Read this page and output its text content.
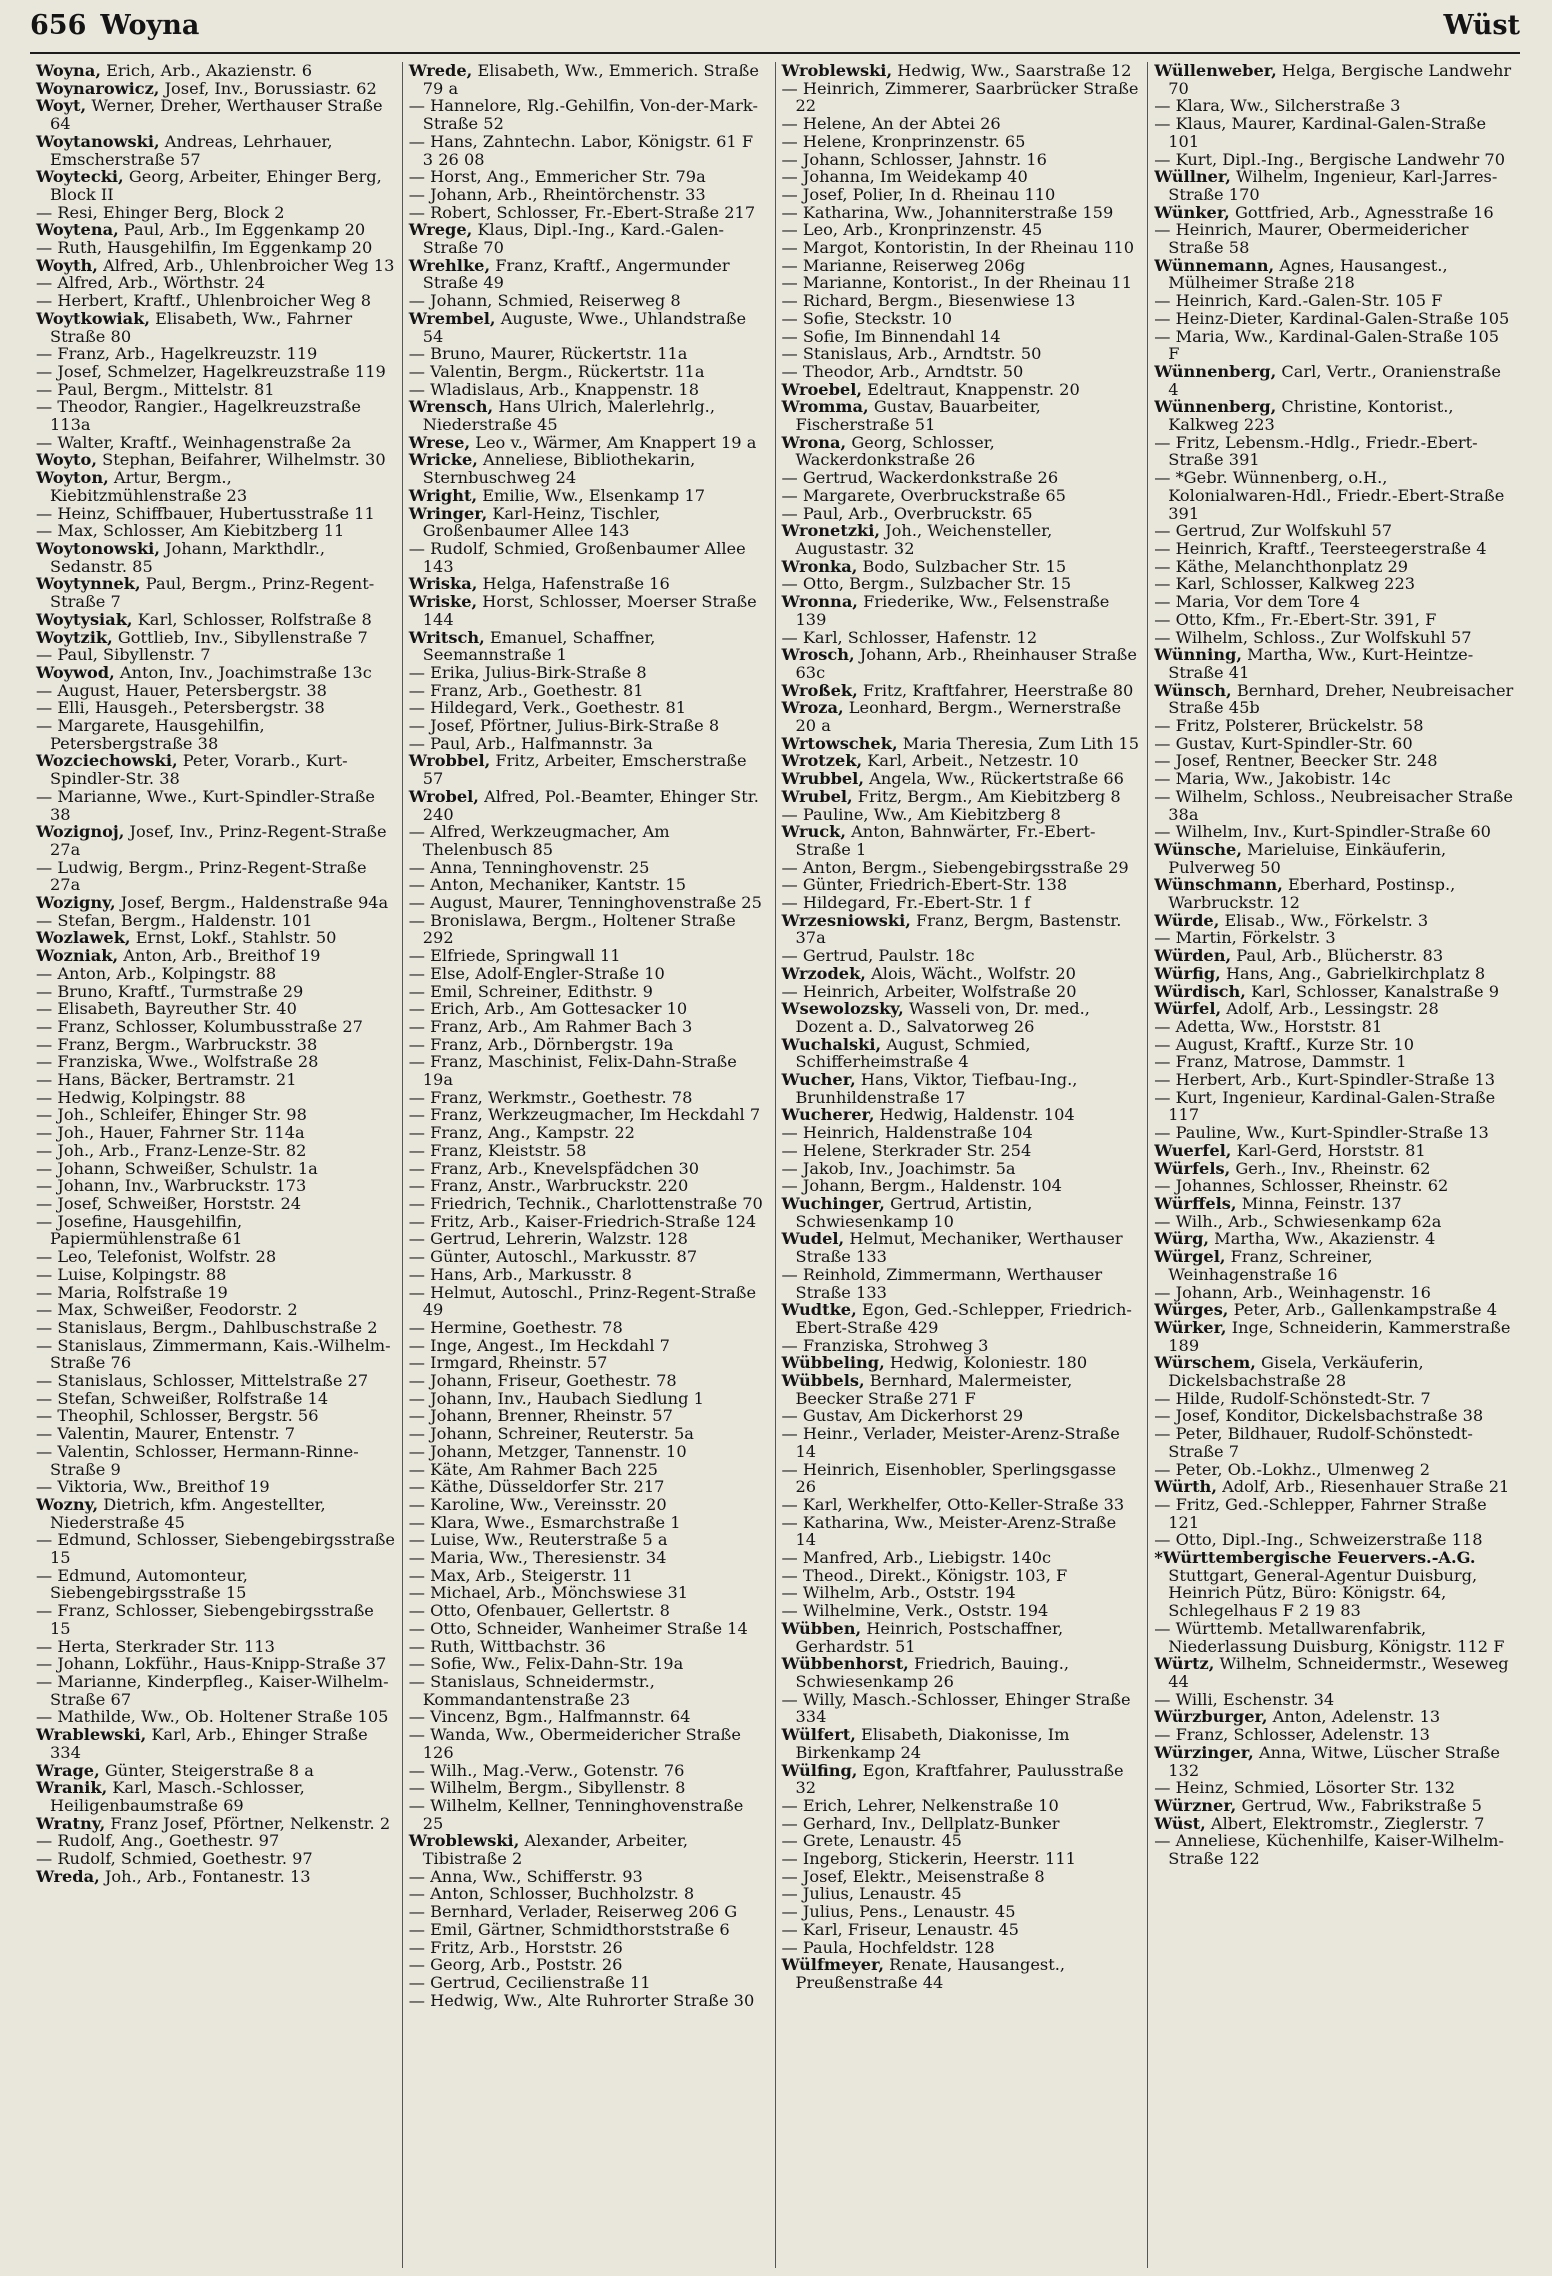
656 Woyna	Wüst

Woyna, Erich, Arb., Akazienstr. 6

Woynarowicz, Josef, Inv., Borussiastr. 62

Woyt, Werner, Dreher, Werthauser Straße 64

Woytanowski, Andreas, Lehrhauer, Emscherstraße 57

Woytecki, Georg, Arbeiter, Ehinger Berg, Block II

— Resi, Ehinger Berg, Block 2

Woytena, Paul, Arb., Im Eggenkamp 20

— Ruth, Hausgehilfin, Im Eggenkamp 20

Woyth, Alfred, Arb., Uhlenbroicher Weg 13

— Alfred, Arb., Wörthstr. 24

— Herbert, Kraftf., Uhlenbroicher Weg 8

Woytkowiak, Elisabeth, Ww., Fahrner Straße 80

— Franz, Arb., Hagelkreuzstr. 119

— Josef, Schmelzer, Hagelkreuzstraße 119

— Paul, Bergm., Mittelstr. 81

— Theodor, Rangier., Hagelkreuzstraße 113a

— Walter, Kraftf., Weinhagenstraße 2a

Woyto, Stephan, Beifahrer, Wilhelmstr. 30

Woyton, Artur, Bergm., Kiebitzmühlenstraße 23

— Heinz, Schiffbauer, Hubertusstraße 11

— Max, Schlosser, Am Kiebitzberg 11

Woytonowski, Johann, Markthdlr., Sedanstr. 85

Woytynnek, Paul, Bergm., Prinz-Regent-Straße 7

Woytysiak, Karl, Schlosser, Rolfstraße 8

Woytzik, Gottlieb, Inv., Sibyllenstraße 7

— Paul, Sibyllenstr. 7

Woywod, Anton, Inv., Joachimstraße 13c

— August, Hauer, Petersbergstr. 38

— Elli, Hausgeh., Petersbergstr. 38

— Margarete, Hausgehilfin, Petersbergstraße 38

Wozciechowski, Peter, Vorarb., Kurt-Spindler-Str. 38

— Marianne, Wwe., Kurt-Spindler-Straße 38

Wozignoj, Josef, Inv., Prinz-Regent-Straße 27a

— Ludwig, Bergm., Prinz-Regent-Straße 27a

Wozigny, Josef, Bergm., Haldenstraße 94a

— Stefan, Bergm., Haldenstr. 101

Wozlawek, Ernst, Lokf., Stahlstr. 50

Wozniak, Anton, Arb., Breithof 19

— Anton, Arb., Kolpingstr. 88

— Bruno, Kraftf., Turmstraße 29

— Elisabeth, Bayreuther Str. 40

— Franz, Schlosser, Kolumbusstraße 27

— Franz, Bergm., Warbruckstr. 38

— Franziska, Wwe., Wolfstraße 28

— Hans, Bäcker, Bertramstr. 21

— Hedwig, Kolpingstr. 88

— Joh., Schleifer, Ehinger Str. 98

— Joh., Hauer, Fahrner Str. 114a

— Joh., Arb., Franz-Lenze-Str. 82

— Johann, Schweißer, Schulstr. 1a

— Johann, Inv., Warbruckstr. 173

— Josef, Schweißer, Horststr. 24

— Josefine, Hausgehilfin, Papiermühlenstraße 61

— Leo, Telefonist, Wolfstr. 28

— Luise, Kolpingstr. 88

— Maria, Rolfstraße 19

— Max, Schweißer, Feodorstr. 2

— Stanislaus, Bergm., Dahlbuschstraße 2

— Stanislaus, Zimmermann, Kais.-Wilhelm-Straße 76

— Stanislaus, Schlosser, Mittelstraße 27

— Stefan, Schweißer, Rolfstraße 14

— Theophil, Schlosser, Bergstr. 56

— Valentin, Maurer, Entenstr. 7

— Valentin, Schlosser, Hermann-Rinne-Straße 9

— Viktoria, Ww., Breithof 19

Wozny, Dietrich, kfm. Angestellter, Niederstraße 45

— Edmund, Schlosser, Siebengebirgsstraße 15

— Edmund, Automonteur, Siebengebirgsstraße 15

— Franz, Schlosser, Siebengebirgsstraße 15

— Herta, Sterkrader Str. 113

— Johann, Lokführ., Haus-Knipp-Straße 37

— Marianne, Kinderpfleg., Kaiser-Wilhelm-Straße 67

— Mathilde, Ww., Ob. Holtener Straße 105

Wrablewski, Karl, Arb., Ehinger Straße 334

Wrage, Günter, Steigerstraße 8 a

Wranik, Karl, Masch.-Schlosser, Heiligenbaumstraße 69

Wratny, Franz Josef, Pförtner, Nelkenstr. 2

— Rudolf, Ang., Goethestr. 97

— Rudolf, Schmied, Goethestr. 97

Wreda, Joh., Arb., Fontanestr. 13

Wrede, Elisabeth, Ww., Emmerich. Straße 79 a

— Hannelore, Rlg.-Gehilfin, Von-der-Mark-Straße 52

— Hans, Zahntechn. Labor, Königstr. 61 F 3 26 08

— Horst, Ang., Emmericher Str. 79a

— Johann, Arb., Rheintörchenstr. 33

— Robert, Schlosser, Fr.-Ebert-Straße 217

Wrege, Klaus, Dipl.-Ing., Kard.-Galen-Straße 70

Wrehlke, Franz, Kraftf., Angermunder Straße 49

— Johann, Schmied, Reiserweg 8

Wrembel, Auguste, Wwe., Uhlandstraße 54

— Bruno, Maurer, Rückertstr. 11a

— Valentin, Bergm., Rückertstr. 11a

— Wladislaus, Arb., Knappenstr. 18

Wrensch, Hans Ulrich, Malerlehrlg., Niederstraße 45

Wrese, Leo v., Wärmer, Am Knappert 19 a

Wricke, Anneliese, Bibliothekarin, Sternbuschweg 24

Wright, Emilie, Ww., Elsenkamp 17

Wringer, Karl-Heinz, Tischler, Großenbaumer Allee 143

— Rudolf, Schmied, Großenbaumer Allee 143

Wriska, Helga, Hafenstraße 16

Wriske, Horst, Schlosser, Moerser Straße 144

Writsch, Emanuel, Schaffner, Seemannstraße 1

— Erika, Julius-Birk-Straße 8

— Franz, Arb., Goethestr. 81

— Hildegard, Verk., Goethestr. 81

— Josef, Pförtner, Julius-Birk-Straße 8

— Paul, Arb., Halfmannstr. 3a

Wrobbel, Fritz, Arbeiter, Emscherstraße 57

Wrobel, Alfred, Pol.-Beamter, Ehinger Str. 240

— Alfred, Werkzeugmacher, Am Thelenbusch 85

— Anna, Tenninghovenstr. 25

— Anton, Mechaniker, Kantstr. 15

— August, Maurer, Tenninghovenstraße 25

— Bronislawa, Bergm., Holtener Straße 292

— Elfriede, Springwall 11

— Else, Adolf-Engler-Straße 10

— Emil, Schreiner, Edithstr. 9

— Erich, Arb., Am Gottesacker 10

— Franz, Arb., Am Rahmer Bach 3

— Franz, Arb., Dörnbergstr. 19a

— Franz, Maschinist, Felix-Dahn-Straße 19a

— Franz, Werkmstr., Goethestr. 78

— Franz, Werkzeugmacher, Im Heckdahl 7

— Franz, Ang., Kampstr. 22

— Franz, Kleiststr. 58

— Franz, Arb., Knevelspfädchen 30

— Franz, Anstr., Warbruckstr. 220

— Friedrich, Technik., Charlottenstraße 70

— Fritz, Arb., Kaiser-Friedrich-Straße 124

— Gertrud, Lehrerin, Walzstr. 128

— Günter, Autoschl., Markusstr. 87

— Hans, Arb., Markusstr. 8

— Helmut, Autoschl., Prinz-Regent-Straße 49

— Hermine, Goethestr. 78

— Inge, Angest., Im Heckdahl 7

— Irmgard, Rheinstr. 57

— Johann, Friseur, Goethestr. 78

— Johann, Inv., Haubach Siedlung 1

— Johann, Brenner, Rheinstr. 57

— Johann, Schreiner, Reuterstr. 5a

— Johann, Metzger, Tannenstr. 10

— Käte, Am Rahmer Bach 225

— Käthe, Düsseldorfer Str. 217

— Karoline, Ww., Vereinsstr. 20

— Klara, Wwe., Esmarchstraße 1

— Luise, Ww., Reuterstraße 5 a

— Maria, Ww., Theresienstr. 34

— Max, Arb., Steigerstr. 11

— Michael, Arb., Mönchswiese 31

— Otto, Ofenbauer, Gellertstr. 8

— Otto, Schneider, Wanheimer Straße 14

— Ruth, Wittbachstr. 36

— Sofie, Ww., Felix-Dahn-Str. 19a

— Stanislaus, Schneidermstr., Kommandantenstraße 23

— Vincenz, Bgm., Halfmannstr. 64

— Wanda, Ww., Obermeidericher Straße 126

— Wilh., Mag.-Verw., Gotenstr. 76

— Wilhelm, Bergm., Sibyllenstr. 8

— Wilhelm, Kellner, Tenninghovenstraße 25

Wroblewski, Alexander, Arbeiter, Tibistraße 2

— Anna, Ww., Schifferstr. 93

— Anton, Schlosser, Buchholzstr. 8

— Bernhard, Verlader, Reiserweg 206 G

— Emil, Gärtner, Schmidthorststraße 6

— Fritz, Arb., Horststr. 26

— Georg, Arb., Poststr. 26

— Gertrud, Cecilienstraße 11

— Hedwig, Ww., Alte Ruhrorter Straße 30

Wroblewski, Hedwig, Ww., Saarstraße 12

— Heinrich, Zimmerer, Saarbrücker Straße 22

— Helene, An der Abtei 26

— Helene, Kronprinzenstr. 65

— Johann, Schlosser, Jahnstr. 16

— Johanna, Im Weidekamp 40

— Josef, Polier, In d. Rheinau 110

— Katharina, Ww., Johanniterstraße 159

— Leo, Arb., Kronprinzenstr. 45

— Margot, Kontoristin, In der Rheinau 110

— Marianne, Reiserweg 206g

— Marianne, Kontorist., In der Rheinau 11

— Richard, Bergm., Biesenwiese 13

— Sofie, Steckstr. 10

— Sofie, Im Binnendahl 14

— Stanislaus, Arb., Arndtstr. 50

— Theodor, Arb., Arndtstr. 50

Wroebel, Edeltraut, Knappenstr. 20

Wromma, Gustav, Bauarbeiter, Fischerstraße 51

Wrona, Georg, Schlosser, Wackerdonkstraße 26

— Gertrud, Wackerdonkstraße 26

— Margarete, Overbruckstraße 65

— Paul, Arb., Overbruckstr. 65

Wronetzki, Joh., Weichensteller, Augustastr. 32

Wronka, Bodo, Sulzbacher Str. 15

— Otto, Bergm., Sulzbacher Str. 15

Wronna, Friederike, Ww., Felsenstraße 139

— Karl, Schlosser, Hafenstr. 12

Wrosch, Johann, Arb., Rheinhauser Straße 63c

Wroßek, Fritz, Kraftfahrer, Heerstraße 80

Wroza, Leonhard, Bergm., Wernerstraße 20 a

Wrtowschek, Maria Theresia, Zum Lith 15

Wrotzek, Karl, Arbeit., Netzestr. 10

Wrubbel, Angela, Ww., Rückertstraße 66

Wrubel, Fritz, Bergm., Am Kiebitzberg 8

— Pauline, Ww., Am Kiebitzberg 8

Wruck, Anton, Bahnwärter, Fr.-Ebert-Straße 1

— Anton, Bergm., Siebengebirgsstraße 29

— Günter, Friedrich-Ebert-Str. 138

— Hildegard, Fr.-Ebert-Str. 1 f

Wrzesniowski, Franz, Bergm, Bastenstr. 37a

— Gertrud, Paulstr. 18c

Wrzodek, Alois, Wächt., Wolfstr. 20

— Heinrich, Arbeiter, Wolfstraße 20

Wsewolozsky, Wasseli von, Dr. med., Dozent a. D., Salvatorweg 26

Wuchalski, August, Schmied, Schifferheimstraße 4

Wucher, Hans, Viktor, Tiefbau-Ing., Brunhildenstraße 17

Wucherer, Hedwig, Haldenstr. 104

— Heinrich, Haldenstraße 104

— Helene, Sterkrader Str. 254

— Jakob, Inv., Joachimstr. 5a

— Johann, Bergm., Haldenstr. 104

Wuchinger, Gertrud, Artistin, Schwiesenkamp 10

Wudel, Helmut, Mechaniker, Werthauser Straße 133

— Reinhold, Zimmermann, Werthauser Straße 133

Wudtke, Egon, Ged.-Schlepper, Friedrich-Ebert-Straße 429

— Franziska, Strohweg 3

Wübbeling, Hedwig, Koloniestr. 180

Wübbels, Bernhard, Malermeister, Beecker Straße 271 F

— Gustav, Am Dickerhorst 29

— Heinr., Verlader, Meister-Arenz-Straße 14

— Heinrich, Eisenhobler, Sperlingsgasse 26

— Karl, Werkhelfer, Otto-Keller-Straße 33

— Katharina, Ww., Meister-Arenz-Straße 14

— Manfred, Arb., Liebigstr. 140c

— Theod., Direkt., Königstr. 103, F

— Wilhelm, Arb., Oststr. 194

— Wilhelmine, Verk., Oststr. 194

Wübben, Heinrich, Postschaffner, Gerhardstr. 51

Wübbenhorst, Friedrich, Bauing., Schwiesenkamp 26

— Willy, Masch.-Schlosser, Ehinger Straße 334

Wülfert, Elisabeth, Diakonisse, Im Birkenkamp 24

Wülfing, Egon, Kraftfahrer, Paulusstraße 32

— Erich, Lehrer, Nelkenstraße 10

— Gerhard, Inv., Dellplatz-Bunker

— Grete, Lenaustr. 45

— Ingeborg, Stickerin, Heerstr. 111

— Josef, Elektr., Meisenstraße 8

— Julius, Lenaustr. 45

— Julius, Pens., Lenaustr. 45

— Karl, Friseur, Lenaustr. 45

— Paula, Hochfeldstr. 128

Wülfmeyer, Renate, Hausangest., Preußenstraße 44

Wüllenweber, Helga, Bergische Landwehr 70

— Klara, Ww., Silcherstraße 3

— Klaus, Maurer, Kardinal-Galen-Straße 101

— Kurt, Dipl.-Ing., Bergische Landwehr 70

Wüllner, Wilhelm, Ingenieur, Karl-Jarres-Straße 170

Wünker, Gottfried, Arb., Agnesstraße 16

— Heinrich, Maurer, Obermeidericher Straße 58

Wünnemann, Agnes, Hausangest., Mülheimer Straße 218

— Heinrich, Kard.-Galen-Str. 105 F

— Heinz-Dieter, Kardinal-Galen-Straße 105

— Maria, Ww., Kardinal-Galen-Straße 105 F

Wünnenberg, Carl, Vertr., Oranienstraße 4

Wünnenberg, Christine, Kontorist., Kalkweg 223

— Fritz, Lebensm.-Hdlg., Friedr.-Ebert-Straße 391

— *Gebr. Wünnenberg, o.H., Kolonialwaren-Hdl., Friedr.-Ebert-Straße 391

— Gertrud, Zur Wolfskuhl 57

— Heinrich, Kraftf., Teersteegerstraße 4

— Käthe, Melanchthonplatz 29

— Karl, Schlosser, Kalkweg 223

— Maria, Vor dem Tore 4

— Otto, Kfm., Fr.-Ebert-Str. 391, F

— Wilhelm, Schloss., Zur Wolfskuhl 57

Wünning, Martha, Ww., Kurt-Heintze-Straße 41

Wünsch, Bernhard, Dreher, Neubreisacher Straße 45b

— Fritz, Polsterer, Brückelstr. 58

— Gustav, Kurt-Spindler-Str. 60

— Josef, Rentner, Beecker Str. 248

— Maria, Ww., Jakobistr. 14c

— Wilhelm, Schloss., Neubreisacher Straße 38a

— Wilhelm, Inv., Kurt-Spindler-Straße 60

Wünsche, Marieluise, Einkäuferin, Pulverweg 50

Wünschmann, Eberhard, Postinsp., Warbruckstr. 12

Würde, Elisab., Ww., Förkelstr. 3

— Martin, Förkelstr. 3

Würden, Paul, Arb., Blücherstr. 83

Würfig, Hans, Ang., Gabrielkirchplatz 8

Würdisch, Karl, Schlosser, Kanalstraße 9

Würfel, Adolf, Arb., Lessingstr. 28

— Adetta, Ww., Horststr. 81

— August, Kraftf., Kurze Str. 10

— Franz, Matrose, Dammstr. 1

— Herbert, Arb., Kurt-Spindler-Straße 13

— Kurt, Ingenieur, Kardinal-Galen-Straße 117

— Pauline, Ww., Kurt-Spindler-Straße 13

Wuerfel, Karl-Gerd, Horststr. 81

Würfels, Gerh., Inv., Rheinstr. 62

— Johannes, Schlosser, Rheinstr. 62

Würffels, Minna, Feinstr. 137

— Wilh., Arb., Schwiesenkamp 62a

Würg, Martha, Ww., Akazienstr. 4

Würgel, Franz, Schreiner, Weinhagenstraße 16

— Johann, Arb., Weinhagenstr. 16

Würges, Peter, Arb., Gallenkampstraße 4

Würker, Inge, Schneiderin, Kammerstraße 189

Würschem, Gisela, Verkäuferin, Dickelsbachstraße 28

— Hilde, Rudolf-Schönstedt-Str. 7

— Josef, Konditor, Dickelsbachstraße 38

— Peter, Bildhauer, Rudolf-Schönstedt-Straße 7

— Peter, Ob.-Lokhz., Ulmenweg 2

Würth, Adolf, Arb., Riesenhauer Straße 21

— Fritz, Ged.-Schlepper, Fahrner Straße 121

— Otto, Dipl.-Ing., Schweizerstraße 118

*Württembergische Feuervers.-A.G. Stuttgart, General-Agentur Duisburg, Heinrich Pütz, Büro: Königstr. 64, Schlegelhaus F 2 19 83

— Württemb. Metallwarenfabrik, Niederlassung Duisburg, Königstr. 112 F

Würtz, Wilhelm, Schneidermstr., Weseweg 44

— Willi, Eschenstr. 34

Würzburger, Anton, Adelenstr. 13

— Franz, Schlosser, Adelenstr. 13

Würzinger, Anna, Witwe, Lüscher Straße 132

— Heinz, Schmied, Lösorter Str. 132

Würzner, Gertrud, Ww., Fabrikstraße 5

Wüst, Albert, Elektromstr., Zieglerstr. 7

— Anneliese, Küchenhilfe, Kaiser-Wilhelm-Straße 122
